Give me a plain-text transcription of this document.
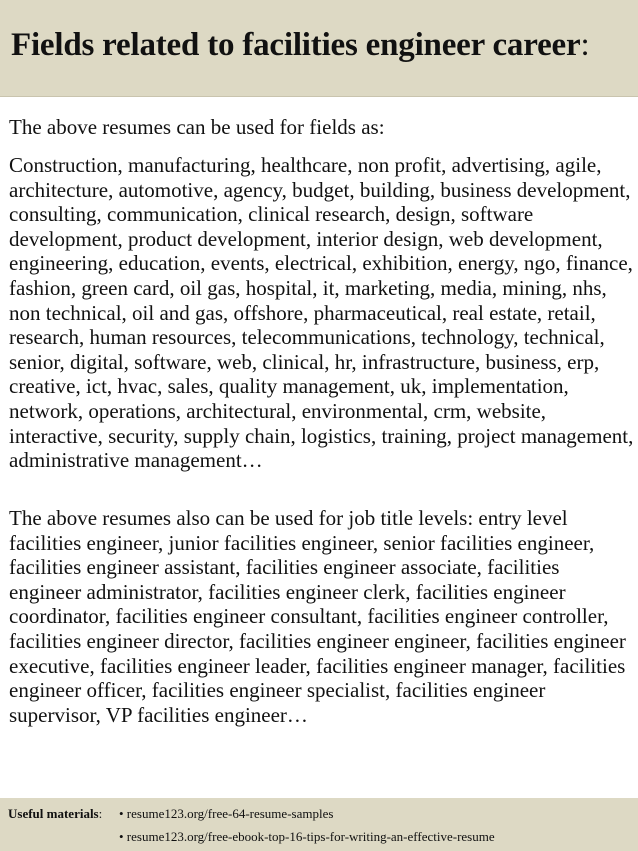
Fields related to facilities engineer career:

The above resumes can be used for fields as:

Construction, manufacturing, healthcare, non profit, advertising, agile, architecture, automotive, agency, budget, building, business development, consulting, communication, clinical research, design, software development, product development, interior design, web development, engineering, education, events, electrical, exhibition, energy, ngo, finance, fashion, green card, oil gas, hospital, it, marketing, media, mining, nhs, non technical, oil and gas, offshore, pharmaceutical, real estate, retail, research, human resources, telecommunications, technology, technical, senior, digital, software, web, clinical, hr, infrastructure, business, erp, creative, ict, hvac, sales, quality management, uk, implementation, network, operations, architectural, environmental, crm, website, interactive, security, supply chain, logistics, training, project management, administrative management…

The above resumes also can be used for job title levels: entry level facilities engineer, junior facilities engineer, senior facilities engineer, facilities engineer assistant, facilities engineer associate, facilities engineer administrator, facilities engineer clerk, facilities engineer coordinator, facilities engineer consultant, facilities engineer controller, facilities engineer director, facilities engineer engineer, facilities engineer executive, facilities engineer leader, facilities engineer manager, facilities engineer officer, facilities engineer specialist, facilities engineer supervisor, VP facilities engineer…

Useful materials: • resume123.org/free-64-resume-samples
• resume123.org/free-ebook-top-16-tips-for-writing-an-effective-resume
